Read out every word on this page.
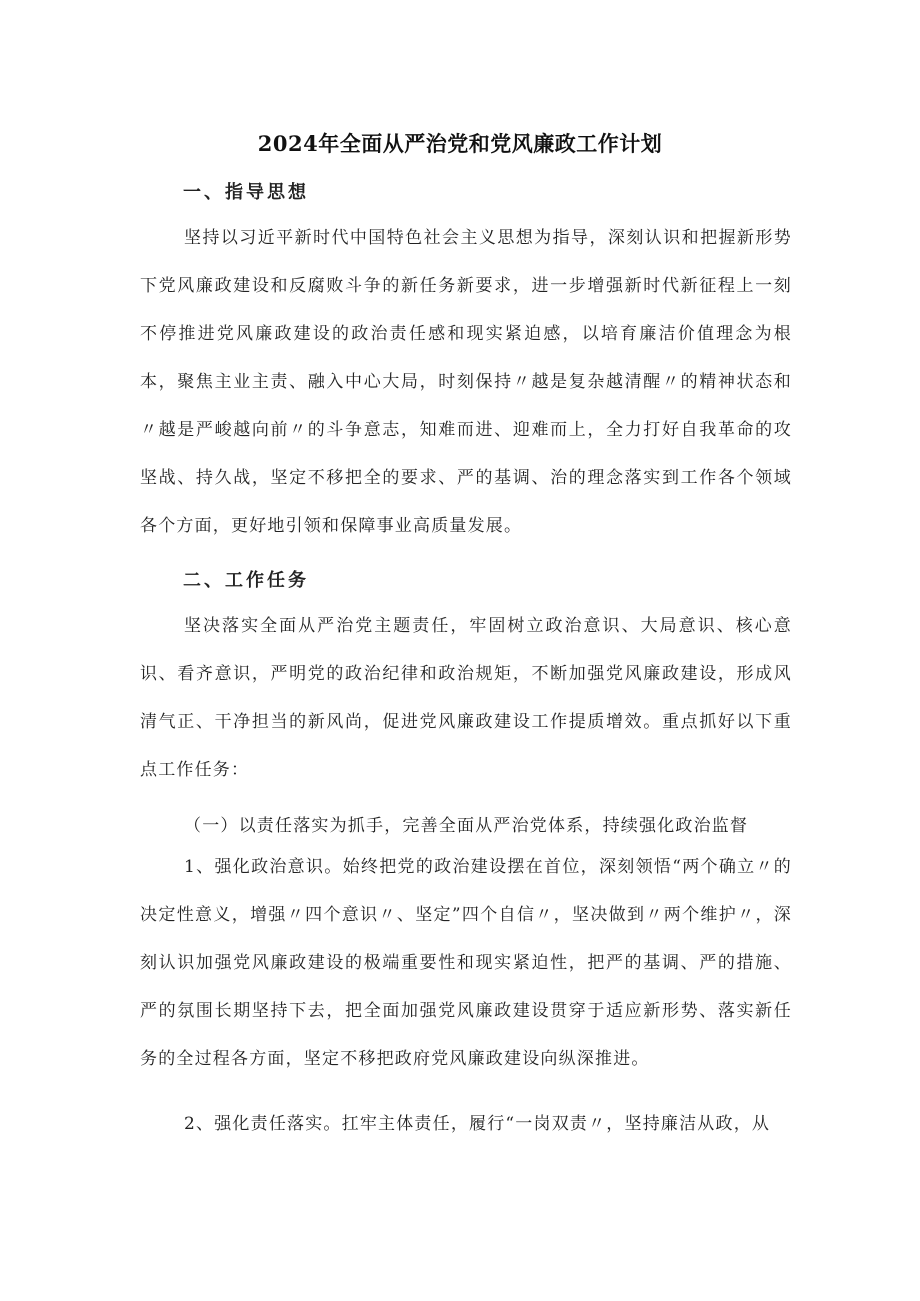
2024年全面从严治党和党风廉政工作计划
一、指导思想

坚持以习近平新时代中国特色社会主义思想为指导，深刻认识和把握新形势下党风廉政建设和反腐败斗争的新任务新要求，进一步增强新时代新征程上一刻不停推进党风廉政建设的政治责任感和现实紧迫感，以培育廉洁价值理念为根本，聚焦主业主责、融入中心大局，时刻保持〃越是复杂越清醒〃的精神状态和〃越是严峻越向前〃的斗争意志，知难而进、迎难而上，全力打好自我革命的攻坚战、持久战，坚定不移把全的要求、严的基调、治的理念落实到工作各个领域各个方面，更好地引领和保障事业高质量发展。

二、工作任务

坚决落实全面从严治党主题责任，牢固树立政治意识、大局意识、核心意识、看齐意识，严明党的政治纪律和政治规矩，不断加强党风廉政建设，形成风清气正、干净担当的新风尚，促进党风廉政建设工作提质增效。重点抓好以下重点工作任务：

（一）以责任落实为抓手，完善全面从严治党体系，持续强化政治监督

1、强化政治意识。始终把党的政治建设摆在首位，深刻领悟“两个确立〃的决定性意义，增强〃四个意识〃、坚定”四个自信〃，坚决做到〃两个维护〃，深刻认识加强党风廉政建设的极端重要性和现实紧迫性，把严的基调、严的措施、严的氛围长期坚持下去，把全面加强党风廉政建设贯穿于适应新形势、落实新任务的全过程各方面，坚定不移把政府党风廉政建设向纵深推进。

2、强化责任落实。扛牢主体责任，履行“一岗双责〃，坚持廉洁从政，从
